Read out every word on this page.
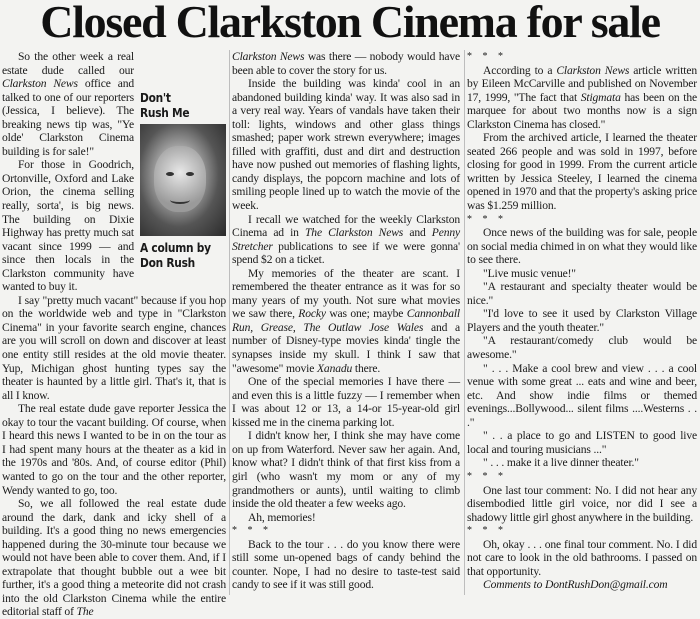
Closed Clarkston Cinema for sale
Don't
Rush Me
A column by
Don Rush

So the other week a real estate dude called our Clarkston News office and talked to one of our reporters (Jessica, I believe). The breaking news tip was, "Ye olde' Clarkston Cinema building is for sale!"

For those in Goodrich, Ortonville, Oxford and Lake Orion, the cinema selling really, sorta', is big news. The building on Dixie Highway has pretty much sat vacant since 1999 — and since then locals in the Clarkston community have wanted to buy it.

I say "pretty much vacant" because if you hop on the worldwide web and type in "Clarkston Cinema" in your favorite search engine, chances are you will scroll on down and discover at least one entity still resides at the old movie theater. Yup, Michigan ghost hunting types say the theater is haunted by a little girl. That's it, that is all I know.

The real estate dude gave reporter Jessica the okay to tour the vacant building. Of course, when I heard this news I wanted to be in on the tour as I had spent many hours at the theater as a kid in the 1970s and '80s. And, of course editor (Phil) wanted to go on the tour and the other reporter, Wendy wanted to go, too.

So, we all followed the real estate dude around the dark, dank and icky shell of a building. It's a good thing no news emergencies happened during the 30-minute tour because we would not have been able to cover them. And, if I extrapolate that thought bubble out a wee bit further, it's a good thing a meteorite did not crash into the old Clarkston Cinema while the entire editorial staff of The

Clarkston News was there — nobody would have been able to cover the story for us.

Inside the building was kinda' cool in an abandoned building kinda' way. It was also sad in a very real way. Years of vandals have taken their toll: lights, windows and other glass things smashed; paper work strewn everywhere; images filled with graffiti, dust and dirt and destruction have now pushed out memories of flashing lights, candy displays, the popcorn machine and lots of smiling people lined up to watch the movie of the week.

I recall we watched for the weekly Clarkston Cinema ad in The Clarkston News and Penny Stretcher publications to see if we were gonna' spend $2 on a ticket.

My memories of the theater are scant. I remembered the theater entrance as it was for so many years of my youth. Not sure what movies we saw there, Rocky was one; maybe Cannonball Run, Grease, The Outlaw Jose Wales and a number of Disney-type movies kinda' tingle the synapses inside my skull. I think I saw that "awesome" movie Xanadu there.

One of the special memories I have there — and even this is a little fuzzy — I remember when I was about 12 or 13, a 14-or 15-year-old girl kissed me in the cinema parking lot.

I didn't know her, I think she may have come on up from Waterford. Never saw her again. And, know what? I didn't think of that first kiss from a girl (who wasn't my mom or any of my grandmothers or aunts), until waiting to climb inside the old theater a few weeks ago.

Ah, memories!

* * *

Back to the tour . . . do you know there were still some un-opened bags of candy behind the counter. Nope, I had no desire to taste-test said candy to see if it was still good.

* * *

According to a Clarkston News article written by Eileen McCarville and published on November 17, 1999, "The fact that Stigmata has been on the marquee for about two months now is a sign Clarkston Cinema has closed."

From the archived article, I learned the theater seated 266 people and was sold in 1997, before closing for good in 1999. From the current article written by Jessica Steeley, I learned the cinema opened in 1970 and that the property's asking price was $1.259 million.

* * *

Once news of the building was for sale, people on social media chimed in on what they would like to see there.

"Live music venue!"

"A restaurant and specialty theater would be nice."

"I'd love to see it used by Clarkston Village Players and the youth theater."

"A restaurant/comedy club would be awesome."

" . . . Make a cool brew and view . . . a cool venue with some great ... eats and wine and beer, etc. And show indie films or themed evenings...Bollywood... silent films ....Westerns . . ."

" . . a place to go and LISTEN to good live local and touring musicians ..."

" . . . make it a live dinner theater."

* * *

One last tour comment: No. I did not hear any disembodied little girl voice, nor did I see a shadowy little girl ghost anywhere in the building.

* * *

Oh, okay . . . one final tour comment. No. I did not care to look in the old bathrooms. I passed on that opportunity.

Comments to DontRushDon@gmail.com
